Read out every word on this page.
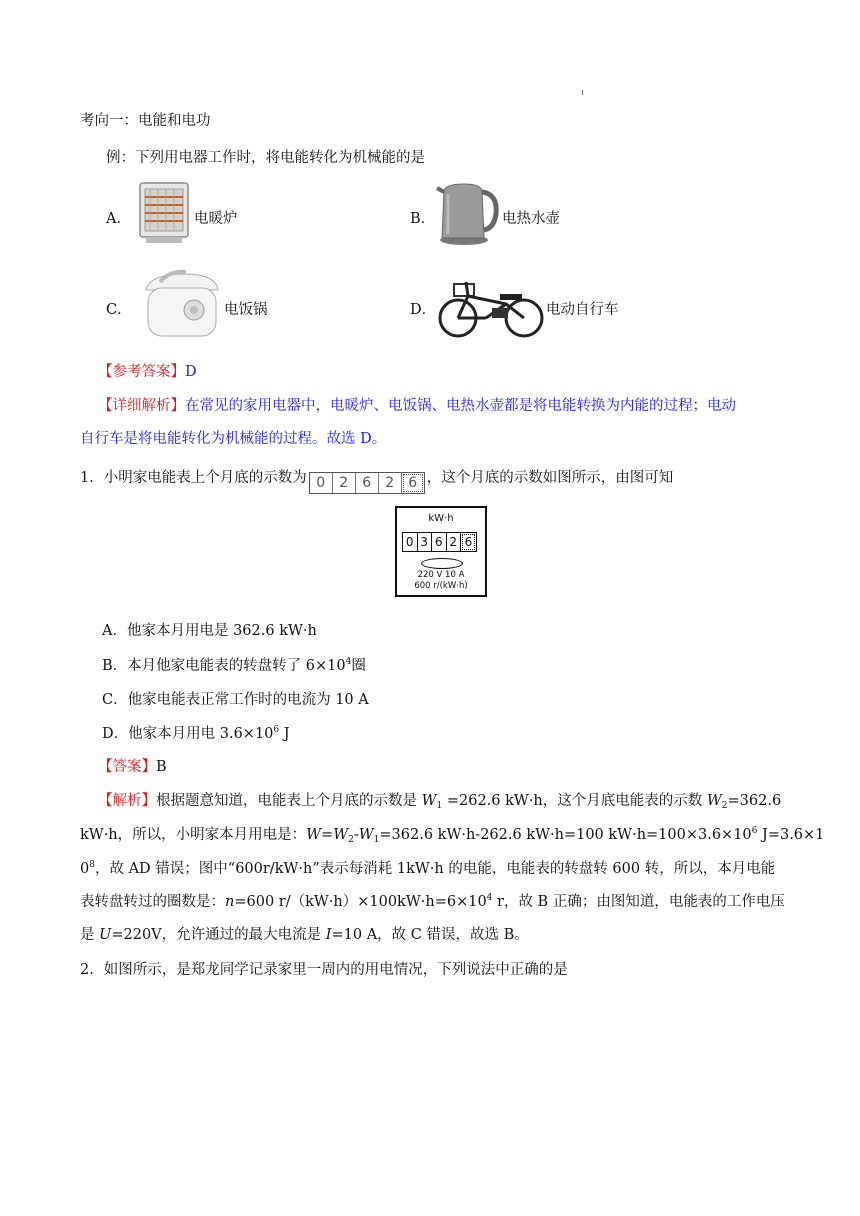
考向一：电能和电功
例：下列用电器工作时，将电能转化为机械能的是
A．	电暖炉	B．	电热水壶
C．	电饭锅	D．	电动自行车
【参考答案】D
【详细解析】在常见的家用电器中，电暖炉、电饭锅、电热水壶都是将电能转换为内能的过程；电动
自行车是将电能转化为机械能的过程。故选 D。
1．小明家电能表上个月底的示数为 0	2	6	2	6 ，这个月底的示数如图所示，由图可知
kW·h
0 3 6 2 6
220 V 10 A
600 r/(kW·h)
A．他家本月用电是 362.6 kW·h
B．本月他家电能表的转盘转了 $6\times 10^4$圈
C．他家电能表正常工作时的电流为 10 A
D．他家本月用电 $3.6\times 10^6$ J
【答案】B
【解析】根据题意知道，电能表上个月底的示数是 $W_1 =262.6$ kW·h，这个月底电能表的示数 $W_2=362.6$
kW·h，所以，小明家本月用电是：$W=W_2-W_1=362.6$ kW·h-262.6 kW·h=100 $kW\cdot h=100\times 3.6\times 10^6$ J=3.6×1
$0^8$，故 AD 错误；图中“600r/kW·h”表示每消耗 1kW·h 的电能，电能表的转盘转 600 转，所以，本月电能
表转盘转过的圈数是：n=600 $r/(kW\cdot h)\times 100kW\cdot h=6\times 10^4$ r，故 B 正确；由图知道，电能表的工作电压
是 U=220V，允许通过的最大电流是 I=10 A，故 C 错误，故选 B。
2．如图所示，是郑龙同学记录家里一周内的用电情况，下列说法中正确的是
